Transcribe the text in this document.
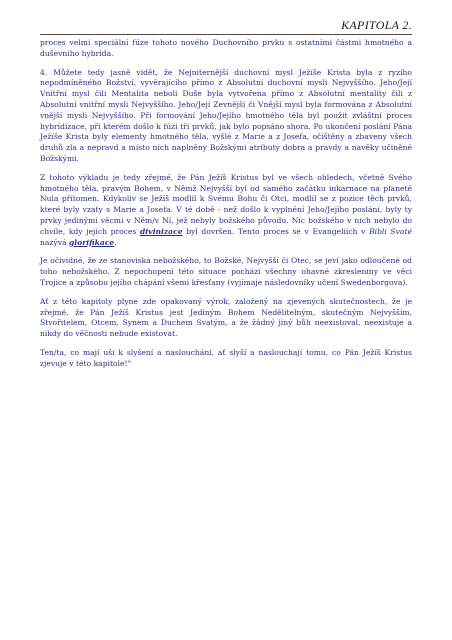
KAPITOLA 2.

proces velmi speciální fúze tohoto nového Duchovního prvku s ostatními částmi hmotného a duševního hybrida.

4. Můžete tedy jasně vidět, že Nejniternější duchovní mysl Ježíše Krista byla z ryzího nepodmíněného Božství, vyvěrajícího přímo z Absolutní duchovní mysli Nejvyššího. Jeho/Její Vnitřní mysl čili Mentalita neboli Duše byla vytvořena přímo z Absolutní mentality čili z Absolutní vnitřní mysli Nejvyššího. Jeho/Její Zevnější či Vnější mysl byla formována z Absolutní vnější mysli Nejvyššího. Při formování Jeho/Jejího hmotného těla byl použit zvláštní proces hybridizace, při kterém došlo k fúzi tří prvků, jak bylo popsáno shora. Po ukončení poslání Pána Ježíše Krista byly elementy hmotného těla, vyšlé z Marie a z Josefa, očištěny a zbaveny všech druhů zla a nepravd a místo nich naplněny Božskými atributy dobra a pravdy a navěky učiněné Božskými.

Z tohoto výkladu je tedy zřejmé, že Pán Ježíš Kristus byl ve všech ohledech, včetně Svého hmotného těla, pravým Bohem, v Němž Nejvyšší byl od samého začátku inkarnace na planetě Nula přítomen. Kdykoliv se Ježíš modlil k Svému Bohu či Otci, modlil se z pozice těch prvků, které byly vzaty s Marie a Josefa. V té době - než došlo k vyplnění Jeho/Jejího poslání, byly ty prvky jedinými věcmi v Něm/v Ní, jež nebyly božského původu. Nic božského v nich nebylo do chvíle, kdy jejich proces divinizace byl dovršen. Tento proces se v Evangeliích v Bibli Svaté nazývá glorifikace.

Je očividné, že ze stanoviska nebožského, to Božské, Nejvyšší či Otec, se jeví jako odloučené od toho nebožského. Z nepochopení této situace pochází všechny ohavné zkresleniny ve věci Trojice a způsobu jejího chápání všemi křesťany (vyjímaje následovníky učení Swedenborgova).

Ať z této kapitoly plyne zde opakovaný výrok, založený na zjevených skutečnostech, že je zřejmé, že Pán Ježíš Kristus jest Jediným Bohem Nedělitelným, skutečným Nejvyšším, Stvořitelem, Otcem, Synem a Duchem Svatým, a že žádný jiný bůh neexistoval, neexistuje a nikdy do věčnosti nebude existovat.

Ten/ta, co mají uši k slyšení a naslouchání, ať slyší a naslouchají tomu, co Pán Ježíš Kristus zjevuje v této kapitole!"
